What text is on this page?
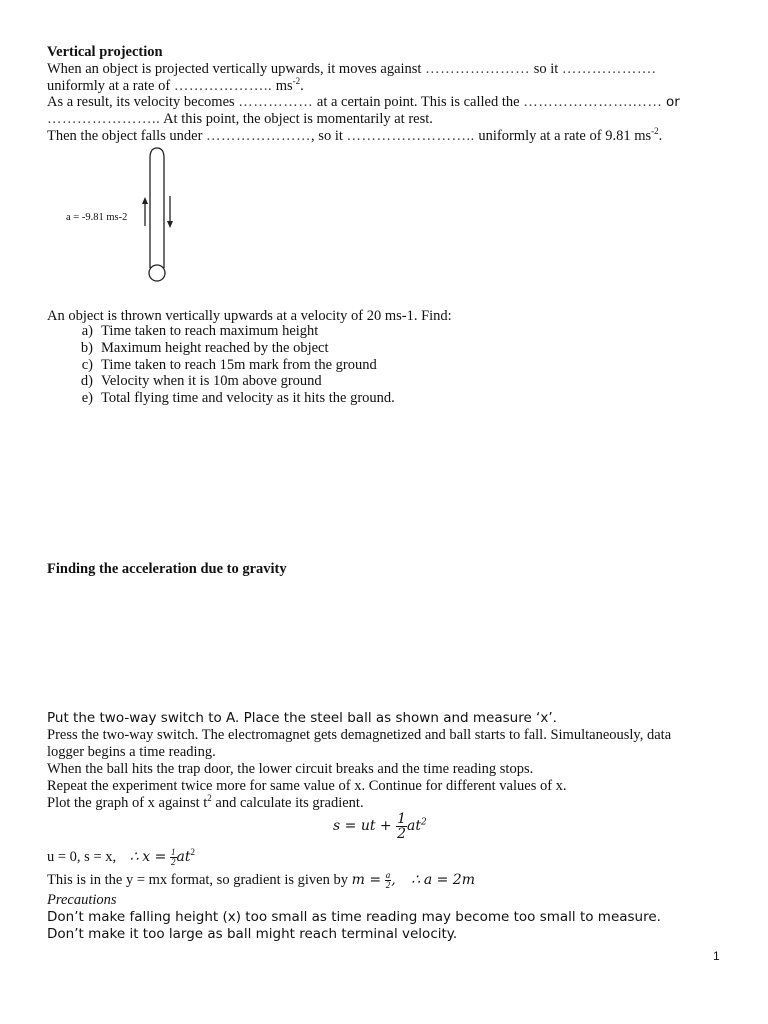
Vertical projection
When an object is projected vertically upwards, it moves against ………………… so it ……………….
uniformly at a rate of ……………….. $ms^{-2}$.
As a result, its velocity becomes …………… at a certain point. This is called the ………………….…… or
………………….. At this point, the object is momentarily at rest.
Then the object falls under …………………, so it …………………….. uniformly at a rate of 9.81 $ms^{-2}$.
a = -9.81 ms-2
An object is thrown vertically upwards at a velocity of 20 ms-1. Find:
a) Time taken to reach maximum height
b) Maximum height reached by the object
c) Time taken to reach 15m mark from the ground
d) Velocity when it is 10m above ground
e) Total flying time and velocity as it hits the ground.
Finding the acceleration due to gravity
Put the two-way switch to A. Place the steel ball as shown and measure ‘x’.
Press the two-way switch. The electromagnet gets demagnetized and ball starts to fall. Simultaneously, data
logger begins a time reading.
When the ball hits the trap door, the lower circuit breaks and the time reading stops.
Repeat the experiment twice more for same value of x. Continue for different values of x.
Plot the graph of x against $t^2$ and calculate its gradient.
s = ut + $\frac{1}{2} at^2$
u = 0, s = x, ∴ $x = \frac{1}{2} at^2$
This is in the y = mx format, so gradient is given by $m = \frac{a}{2}$ , ∴ a = 2m
Precautions
Don’t make falling height (x) too small as time reading may become too small to measure.
Don’t make it too large as ball might reach terminal velocity.
1
